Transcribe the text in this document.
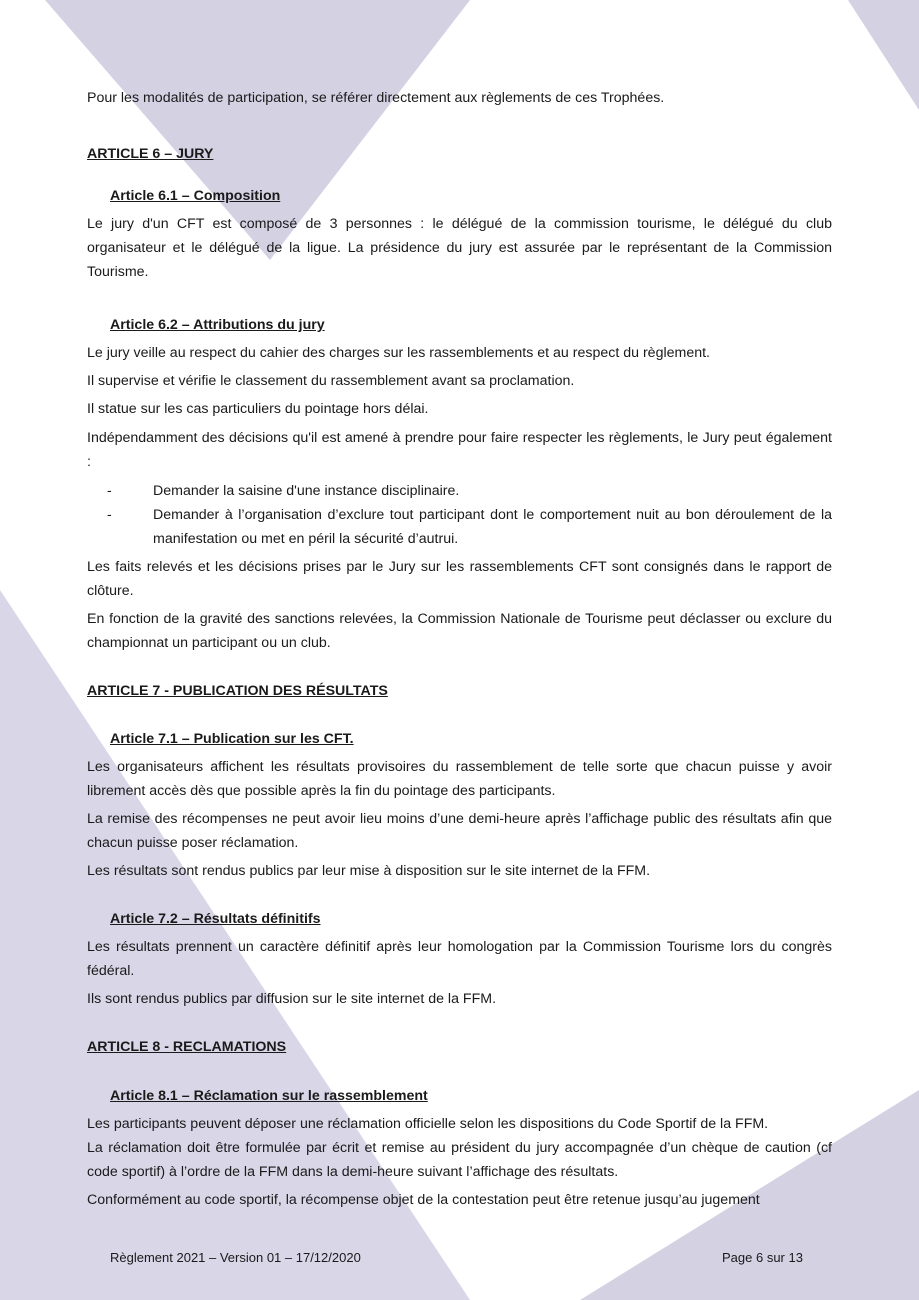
Pour les modalités de participation, se référer directement aux règlements de ces Trophées.

ARTICLE 6 – JURY

Article 6.1 – Composition

Le jury d'un CFT est composé de 3 personnes : le délégué de la commission tourisme, le délégué du club organisateur et le délégué de la ligue. La présidence du jury est assurée par le représentant de la Commission Tourisme.

Article 6.2 – Attributions du jury

Le jury veille au respect du cahier des charges sur les rassemblements et au respect du règlement.

Il supervise et vérifie le classement du rassemblement avant sa proclamation.

Il statue sur les cas particuliers du pointage hors délai.

Indépendamment des décisions qu'il est amené à prendre pour faire respecter les règlements, le Jury peut également :

-	Demander la saisine d'une instance disciplinaire.
-	Demander à l’organisation d’exclure tout participant dont le comportement nuit au bon déroulement de la manifestation ou met en péril la sécurité d’autrui.

Les faits relevés et les décisions prises par le Jury sur les rassemblements CFT sont consignés dans le rapport de clôture.

En fonction de la gravité des sanctions relevées, la Commission Nationale de Tourisme peut déclasser ou exclure du championnat un participant ou un club.

ARTICLE 7 - PUBLICATION DES RÉSULTATS

Article 7.1 – Publication sur les CFT.

Les organisateurs affichent les résultats provisoires du rassemblement de telle sorte que chacun puisse y avoir librement accès dès que possible après la fin du pointage des participants.

La remise des récompenses ne peut avoir lieu moins d’une demi-heure après l’affichage public des résultats afin que chacun puisse poser réclamation.

Les résultats sont rendus publics par leur mise à disposition sur le site internet de la FFM.

Article 7.2 – Résultats définitifs

Les résultats prennent un caractère définitif après leur homologation par la Commission Tourisme lors du congrès fédéral.

Ils sont rendus publics par diffusion sur le site internet de la FFM.

ARTICLE 8 - RECLAMATIONS

Article 8.1 – Réclamation sur le rassemblement

Les participants peuvent déposer une réclamation officielle selon les dispositions du Code Sportif de la FFM.

La réclamation doit être formulée par écrit et remise au président du jury accompagnée d’un chèque de caution (cf code sportif) à l’ordre de la FFM dans la demi-heure suivant l’affichage des résultats.

Conformément au code sportif, la récompense objet de la contestation peut être retenue jusqu’au jugement

Règlement 2021 – Version 01 – 17/12/2020	Page 6 sur 13
